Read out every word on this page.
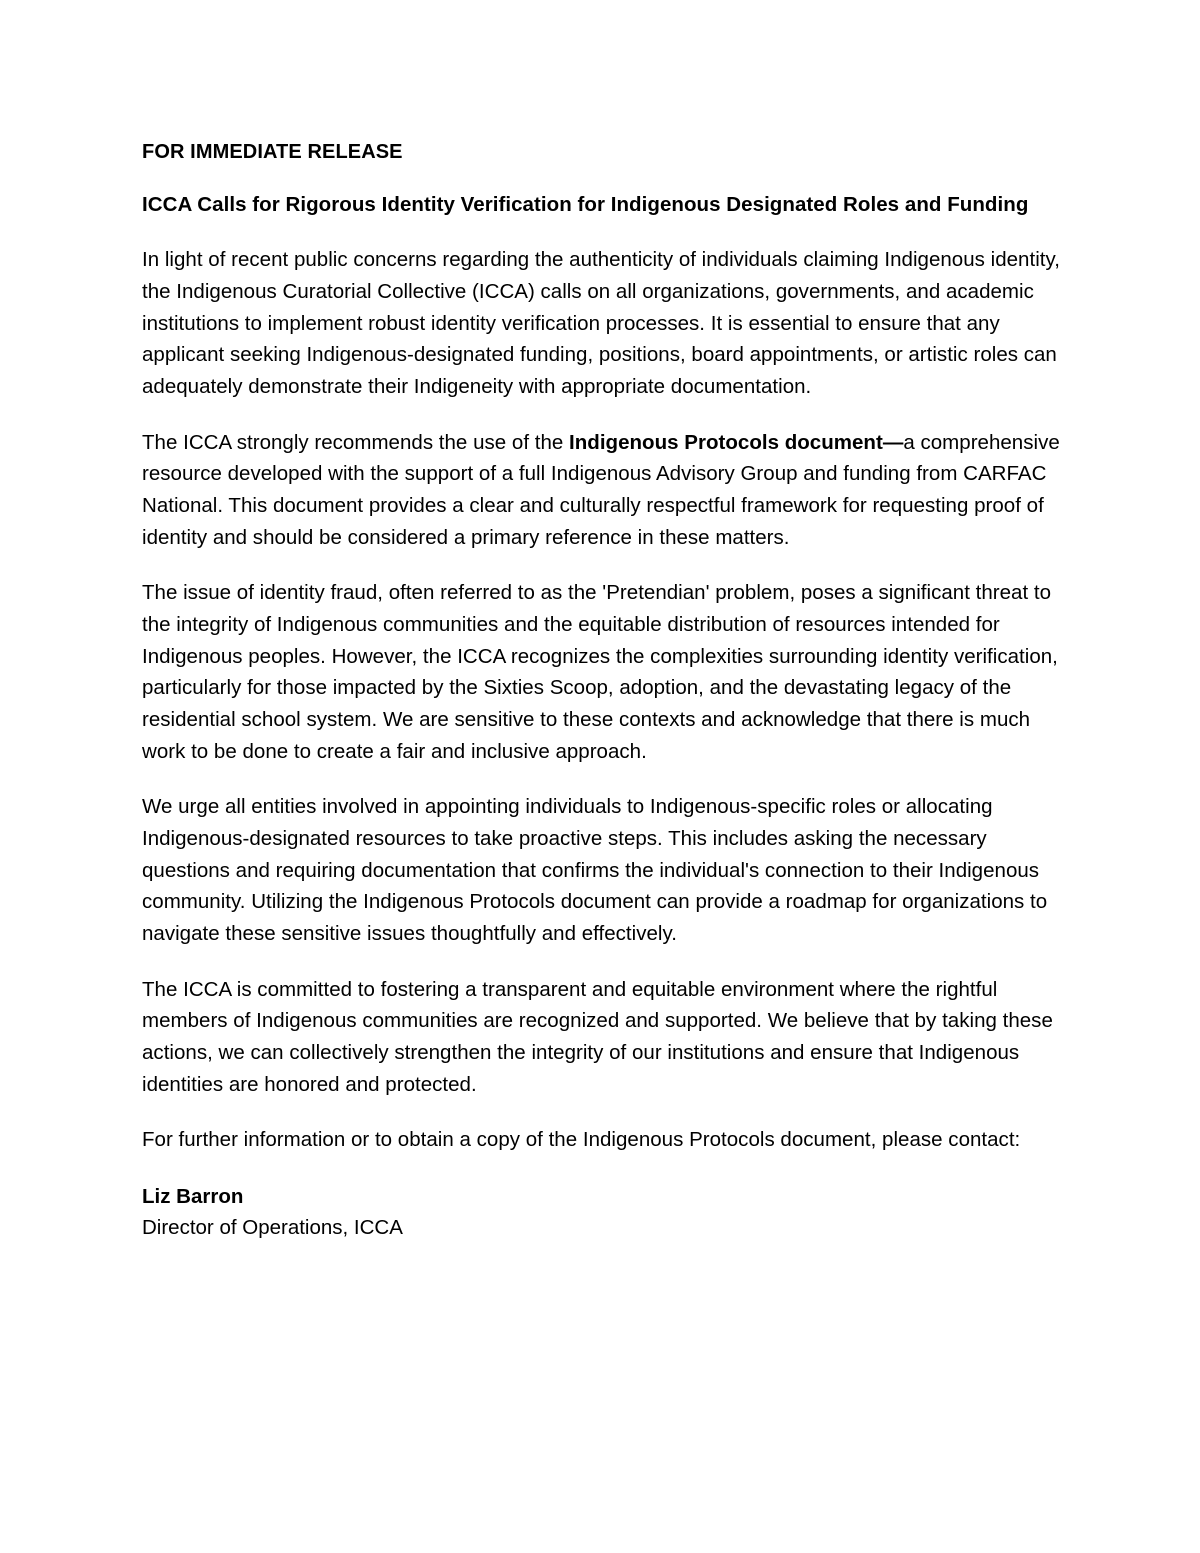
FOR IMMEDIATE RELEASE
ICCA Calls for Rigorous Identity Verification for Indigenous Designated Roles and Funding

In light of recent public concerns regarding the authenticity of individuals claiming Indigenous identity, the Indigenous Curatorial Collective (ICCA) calls on all organizations, governments, and academic institutions to implement robust identity verification processes. It is essential to ensure that any applicant seeking Indigenous-designated funding, positions, board appointments, or artistic roles can adequately demonstrate their Indigeneity with appropriate documentation.

The ICCA strongly recommends the use of the Indigenous Protocols document—a comprehensive resource developed with the support of a full Indigenous Advisory Group and funding from CARFAC National. This document provides a clear and culturally respectful framework for requesting proof of identity and should be considered a primary reference in these matters.

The issue of identity fraud, often referred to as the 'Pretendian' problem, poses a significant threat to the integrity of Indigenous communities and the equitable distribution of resources intended for Indigenous peoples. However, the ICCA recognizes the complexities surrounding identity verification, particularly for those impacted by the Sixties Scoop, adoption, and the devastating legacy of the residential school system. We are sensitive to these contexts and acknowledge that there is much work to be done to create a fair and inclusive approach.

We urge all entities involved in appointing individuals to Indigenous-specific roles or allocating Indigenous-designated resources to take proactive steps. This includes asking the necessary questions and requiring documentation that confirms the individual's connection to their Indigenous community. Utilizing the Indigenous Protocols document can provide a roadmap for organizations to navigate these sensitive issues thoughtfully and effectively.

The ICCA is committed to fostering a transparent and equitable environment where the rightful members of Indigenous communities are recognized and supported. We believe that by taking these actions, we can collectively strengthen the integrity of our institutions and ensure that Indigenous identities are honored and protected.

For further information or to obtain a copy of the Indigenous Protocols document, please contact:

Liz Barron
Director of Operations, ICCA
